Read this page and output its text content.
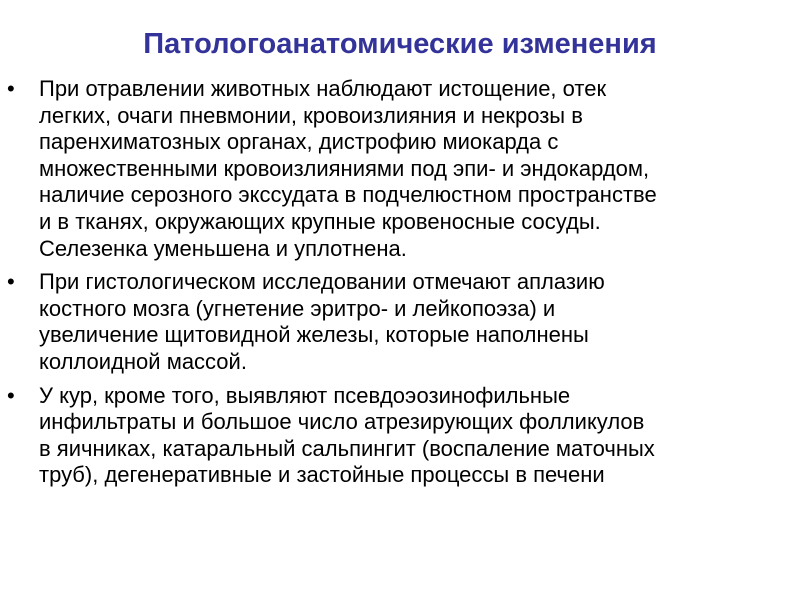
Патологоанатомические изменения
• При отравлении животных наблюдают истощение, отек
легких, очаги пневмонии, кровоизлияния и некрозы в
паренхиматозных органах, дистрофию миокарда с
множественными кровоизлияниями под эпи- и эндокардом,
наличие серозного экссудата в подчелюстном пространстве
и в тканях, окружающих крупные кровеносные сосуды.
Селезенка уменьшена и уплотнена.
• При гистологическом исследовании отмечают аплазию
костного мозга (угнетение эритро- и лейкопоэза) и
увеличение щитовидной железы, которые наполнены
коллоидной массой.
• У кур, кроме того, выявляют псевдоэозинофильные
инфильтраты и большое число атрезирующих фолликулов
в яичниках, катаральный сальпингит (воспаление маточных
труб), дегенеративные и застойные процессы в печени
